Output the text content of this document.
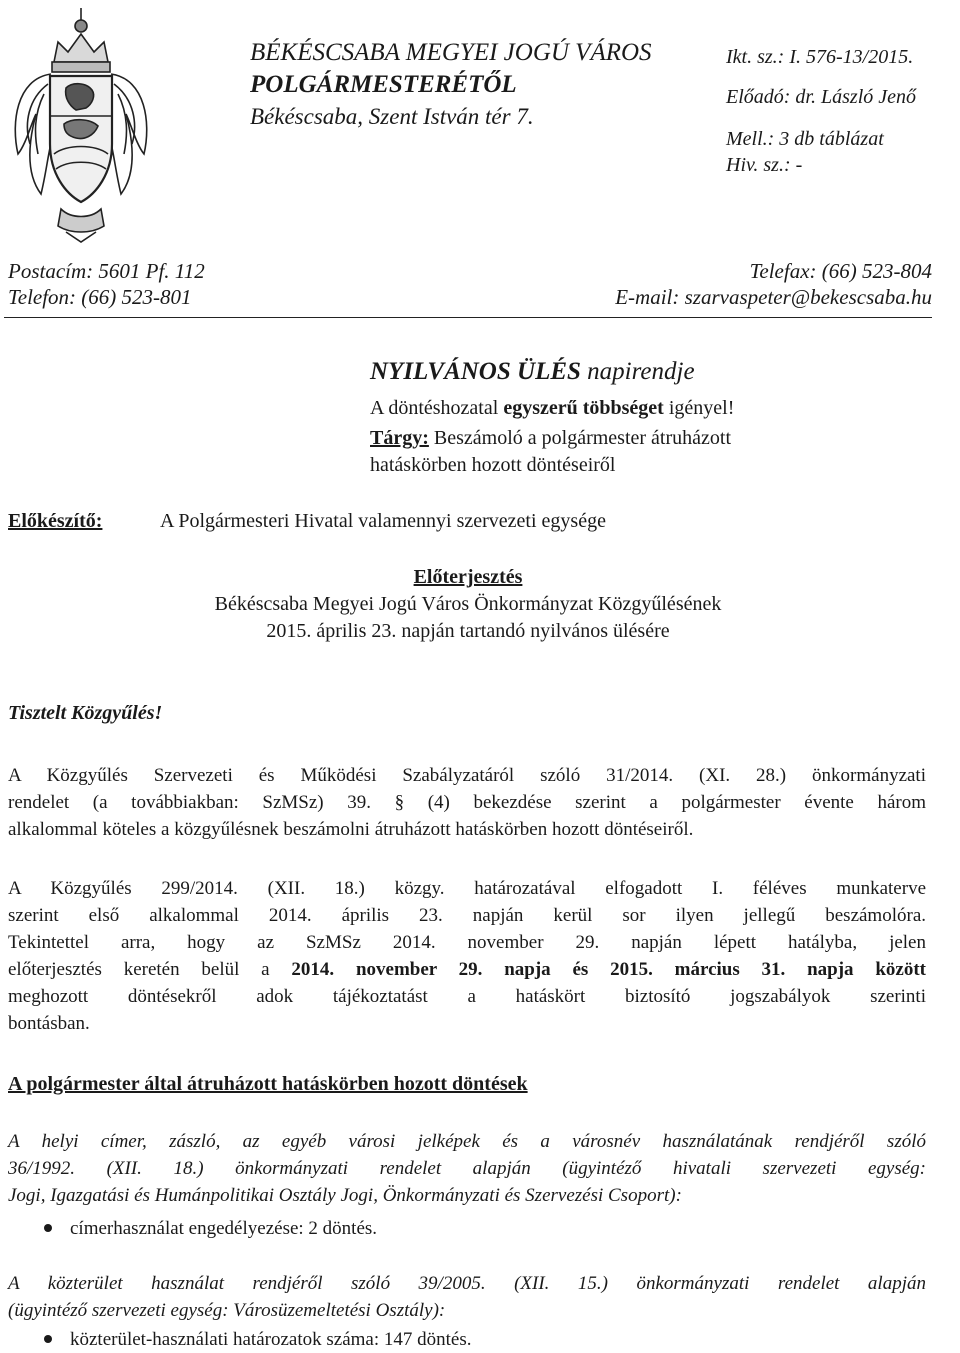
BÉKÉSCSABA MEGYEI JOGÚ VÁROS
POLGÁRMESTERÉTŐL
Békéscsaba, Szent István tér 7.
Ikt. sz.: I. 576-13/2015.
Előadó: dr. László Jenő
Mell.: 3 db táblázat
Hiv. sz.: -
Postacím: 5601 Pf. 112
Telefon: (66) 523-801
Telefax: (66) 523-804
E-mail: szarvaspeter@bekescsaba.hu
NYILVÁNOS ÜLÉS napirendje
A döntéshozatal egyszerű többséget igényel!
Tárgy: Beszámoló a polgármester átruházott
hatáskörben hozott döntéseiről
Előkészítő:	A Polgármesteri Hivatal valamennyi szervezeti egysége
Előterjesztés
Békéscsaba Megyei Jogú Város Önkormányzat Közgyűlésének
2015. április 23. napján tartandó nyilvános ülésére
Tisztelt Közgyűlés!
A Közgyűlés Szervezeti és Működési Szabályzatáról szóló 31/2014. (XI. 28.) önkormányzati
rendelet (a továbbiakban: SzMSz) 39. § (4) bekezdése szerint a polgármester évente három
alkalommal köteles a közgyűlésnek beszámolni átruházott hatáskörben hozott döntéseiről.
A Közgyűlés 299/2014. (XII. 18.) közgy. határozatával elfogadott I. féléves munkaterve
szerint első alkalommal 2014. április 23. napján kerül sor ilyen jellegű beszámolóra.
Tekintettel arra, hogy az SzMSz 2014. november 29. napján lépett hatályba, jelen
előterjesztés keretén belül a 2014. november 29. napja és 2015. március 31. napja között
meghozott döntésekről adok tájékoztatást a hatáskört biztosító jogszabályok szerinti
bontásban.
A polgármester által átruházott hatáskörben hozott döntések
A helyi címer, zászló, az egyéb városi jelképek és a városnév használatának rendjéről szóló
36/1992. (XII. 18.) önkormányzati rendelet alapján (ügyintéző hivatali szervezeti egység:
Jogi, Igazgatási és Humánpolitikai Osztály Jogi, Önkormányzati és Szervezési Csoport):
címerhasználat engedélyezése: 2 döntés.
A közterület használat rendjéről szóló 39/2005. (XII. 15.) önkormányzati rendelet alapján
(ügyintéző szervezeti egység: Városüzemeltetési Osztály):
közterület-használati határozatok száma: 147 döntés.
